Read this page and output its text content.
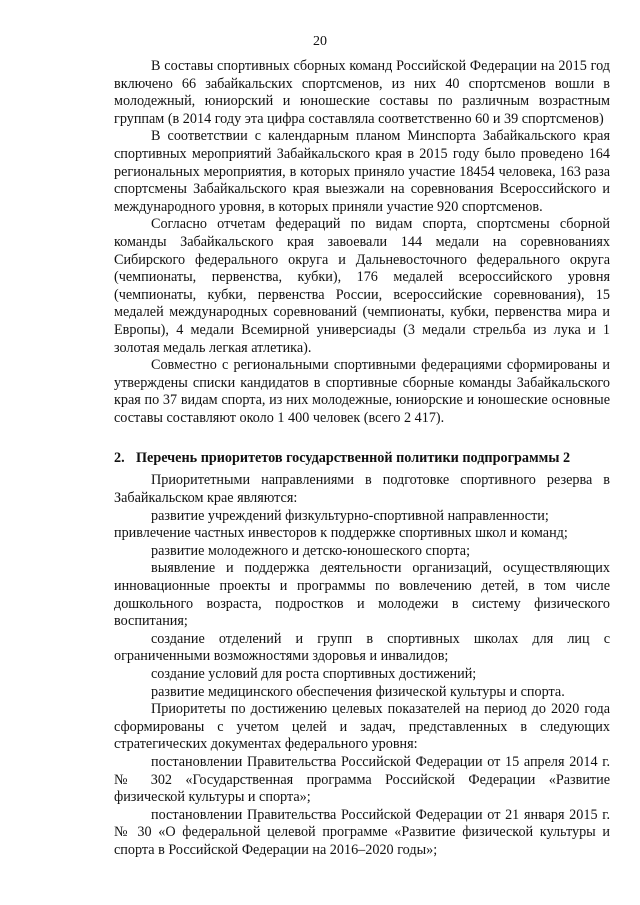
20

В составы спортивных сборных команд Российской Федерации на 2015 год включено 66 забайкальских спортсменов, из них 40 спортсменов вошли в молодежный, юниорский и юношеские составы по различным возрастным группам (в 2014 году эта цифра составляла соответственно 60 и 39 спортсменов)

В соответствии с календарным планом Минспорта Забайкальского края спортивных мероприятий Забайкальского края в 2015 году было проведено 164 региональных мероприятия, в которых приняло участие 18454 человека, 163 раза спортсмены Забайкальского края выезжали на соревнования Всероссийского и международного уровня, в которых приняли участие 920 спортсменов.

Согласно отчетам федераций по видам спорта, спортсмены сборной команды Забайкальского края завоевали 144 медали на соревнованиях Сибирского федерального округа и Дальневосточного федерального округа (чемпионаты, первенства, кубки), 176 медалей всероссийского уровня (чемпионаты, кубки, первенства России, всероссийские соревнования), 15 медалей международных соревнований (чемпионаты, кубки, первенства мира и Европы), 4 медали Всемирной универсиады (3 медали стрельба из лука и 1 золотая медаль легкая атлетика).

Совместно с региональными спортивными федерациями сформированы и утверждены списки кандидатов в спортивные сборные команды Забайкальского края по 37 видам спорта, из них молодежные, юниорские и юношеские основные составы составляют около 1 400 человек (всего 2 417).

2. Перечень приоритетов государственной политики подпрограммы 2

Приоритетными направлениями в подготовке спортивного резерва в Забайкальском крае являются:

развитие учреждений физкультурно-спортивной направленности;

привлечение частных инвесторов к поддержке спортивных школ и команд;

развитие молодежного и детско-юношеского спорта;

выявление и поддержка деятельности организаций, осуществляющих инновационные проекты и программы по вовлечению детей, в том числе дошкольного возраста, подростков и молодежи в систему физического воспитания;

создание отделений и групп в спортивных школах для лиц с ограниченными возможностями здоровья и инвалидов;

создание условий для роста спортивных достижений;

развитие медицинского обеспечения физической культуры и спорта.

Приоритеты по достижению целевых показателей на период до 2020 года сформированы с учетом целей и задач, представленных в следующих стратегических документах федерального уровня:

постановлении Правительства Российской Федерации от 15 апреля 2014 г. № 302 «Государственная программа Российской Федерации «Развитие физической культуры и спорта»;

постановлении Правительства Российской Федерации от 21 января 2015 г. № 30 «О федеральной целевой программе «Развитие физической культуры и спорта в Российской Федерации на 2016–2020 годы»;
